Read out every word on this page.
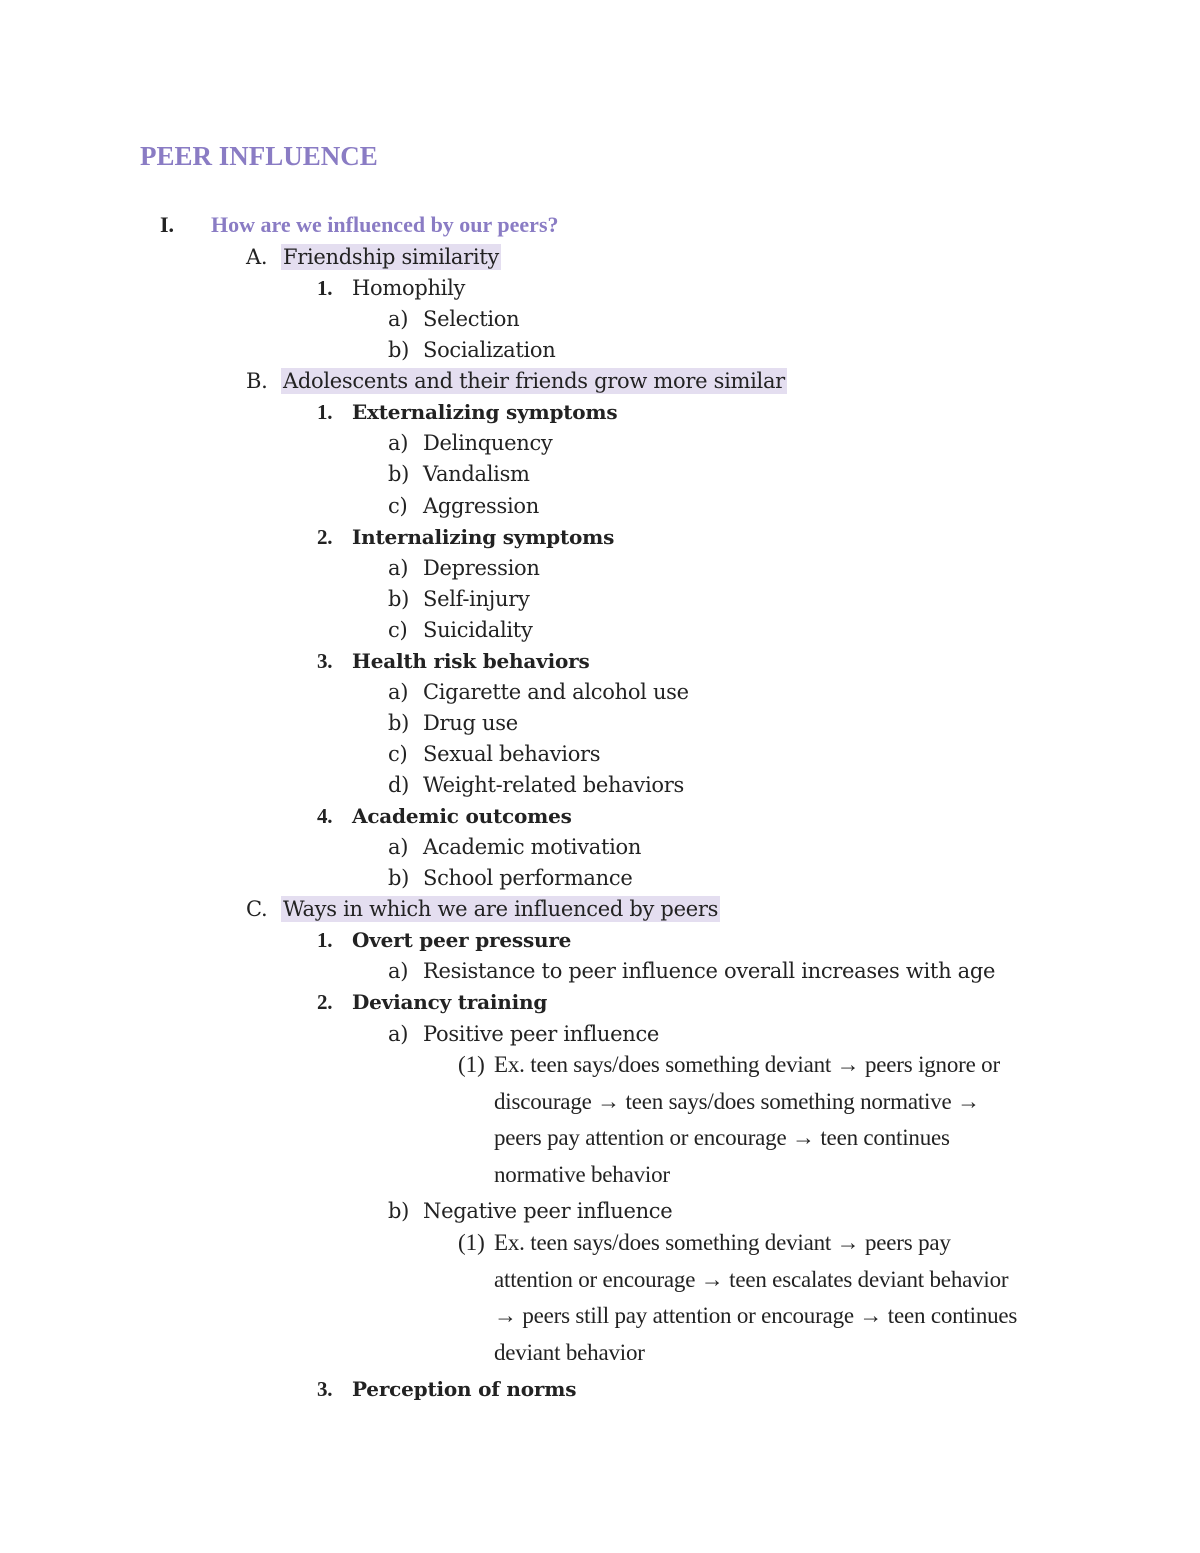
PEER INFLUENCE
I. How are we influenced by our peers?
A. Friendship similarity
1. Homophily
a) Selection
b) Socialization
B. Adolescents and their friends grow more similar
1. Externalizing symptoms
a) Delinquency
b) Vandalism
c) Aggression
2. Internalizing symptoms
a) Depression
b) Self-injury
c) Suicidality
3. Health risk behaviors
a) Cigarette and alcohol use
b) Drug use
c) Sexual behaviors
d) Weight-related behaviors
4. Academic outcomes
a) Academic motivation
b) School performance
C. Ways in which we are influenced by peers
1. Overt peer pressure
a) Resistance to peer influence overall increases with age
2. Deviancy training
a) Positive peer influence
(1) Ex. teen says/does something deviant → peers ignore or
discourage → teen says/does something normative →
peers pay attention or encourage → teen continues
normative behavior
b) Negative peer influence
(1) Ex. teen says/does something deviant → peers pay
attention or encourage → teen escalates deviant behavior
→ peers still pay attention or encourage → teen continues
deviant behavior
3. Perception of norms
